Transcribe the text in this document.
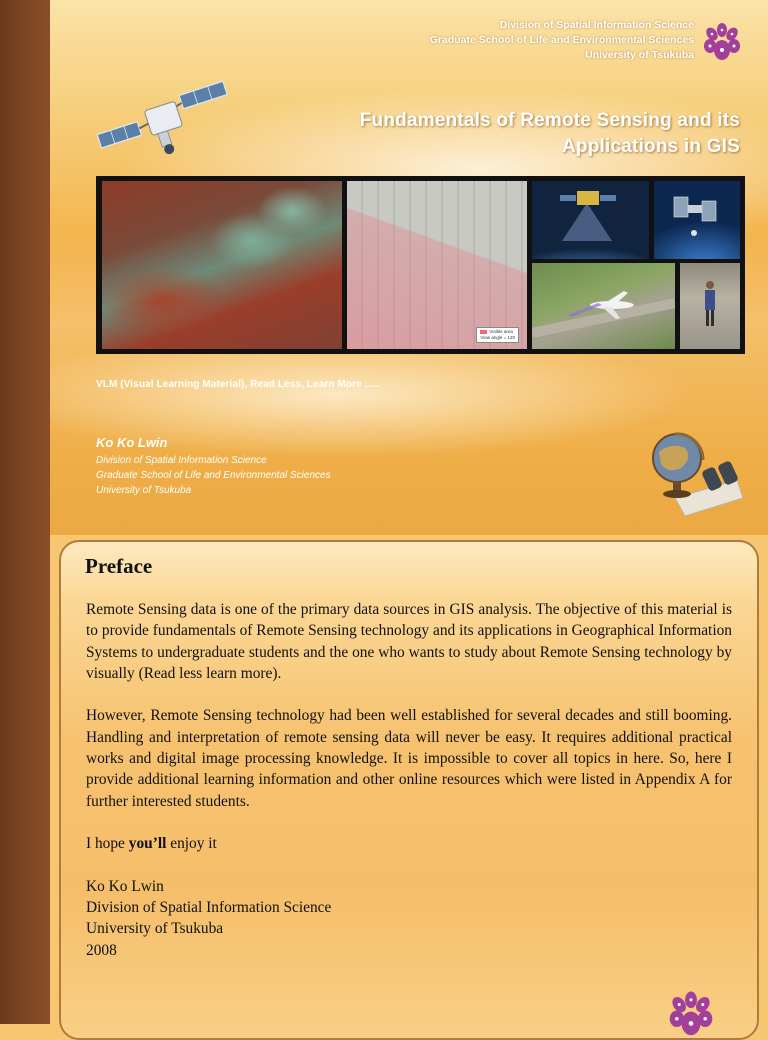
Division of Spatial Information Science
Graduate School of Life and Environmental Sciences
University of Tsukuba
Fundamentals of Remote Sensing and its
Applications in GIS
Visible area
View angle = 120
VLM (Visual Learning Material), Read Less, Learn More .....
Ko Ko Lwin
Division of Spatial Information Science
Graduate School of Life and Environmental Sciences
University of Tsukuba
Preface

Remote Sensing data is one of the primary data sources in GIS analysis. The objective of this material is to provide fundamentals of Remote Sensing technology and its applications in Geographical Information Systems to undergraduate students and the one who wants to study about Remote Sensing technology by visually (Read less learn more).

However, Remote Sensing technology had been well established for several decades and still booming. Handling and interpretation of remote sensing data will never be easy. It requires additional practical works and digital image processing knowledge. It is impossible to cover all topics in here. So, here I provide additional learning information and other online resources which were listed in Appendix A for further interested students.

I hope you’ll enjoy it

Ko Ko Lwin
Division of Spatial Information Science
University of Tsukuba
2008
